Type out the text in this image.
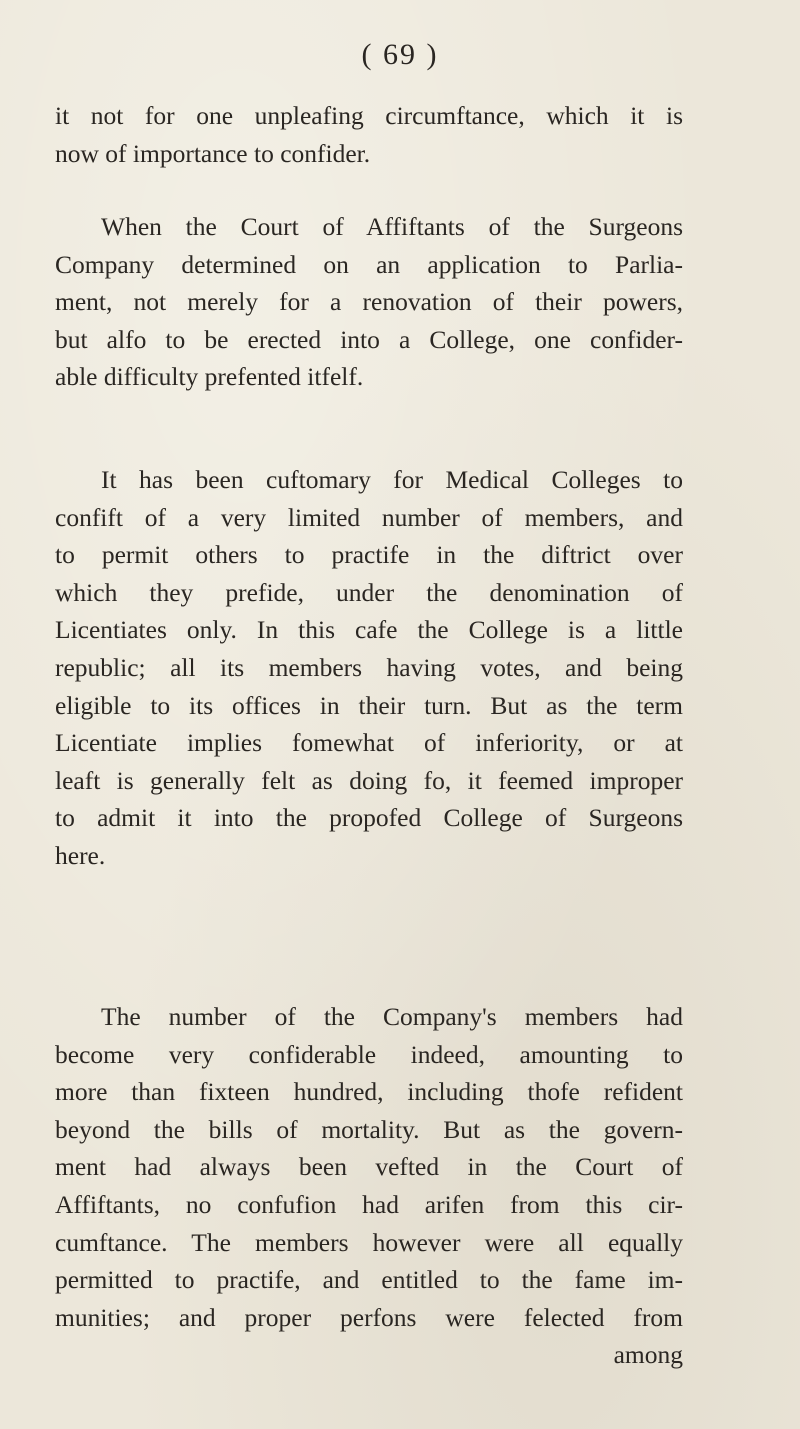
( 69 )
it not for one unpleafing circumftance, which it is
now of importance to confider.
When the Court of Affiftants of the Surgeons
Company determined on an application to Parlia-
ment, not merely for a renovation of their powers,
but alfo to be erected into a College, one confider-
able difficulty prefented itfelf.
It has been cuftomary for Medical Colleges to
confift of a very limited number of members, and
to permit others to practife in the diftrict over
which they prefide, under the denomination of
Licentiates only. In this cafe the College is a little
republic; all its members having votes, and being
eligible to its offices in their turn. But as the term
Licentiate implies fomewhat of inferiority, or at
leaft is generally felt as doing fo, it feemed improper
to admit it into the propofed College of Surgeons
here.
The number of the Company's members had
become very confiderable indeed, amounting to
more than fixteen hundred, including thofe refident
beyond the bills of mortality. But as the govern-
ment had always been vefted in the Court of
Affiftants, no confufion had arifen from this cir-
cumftance. The members however were all equally
permitted to practife, and entitled to the fame im-
munities; and proper perfons were felected from
among
